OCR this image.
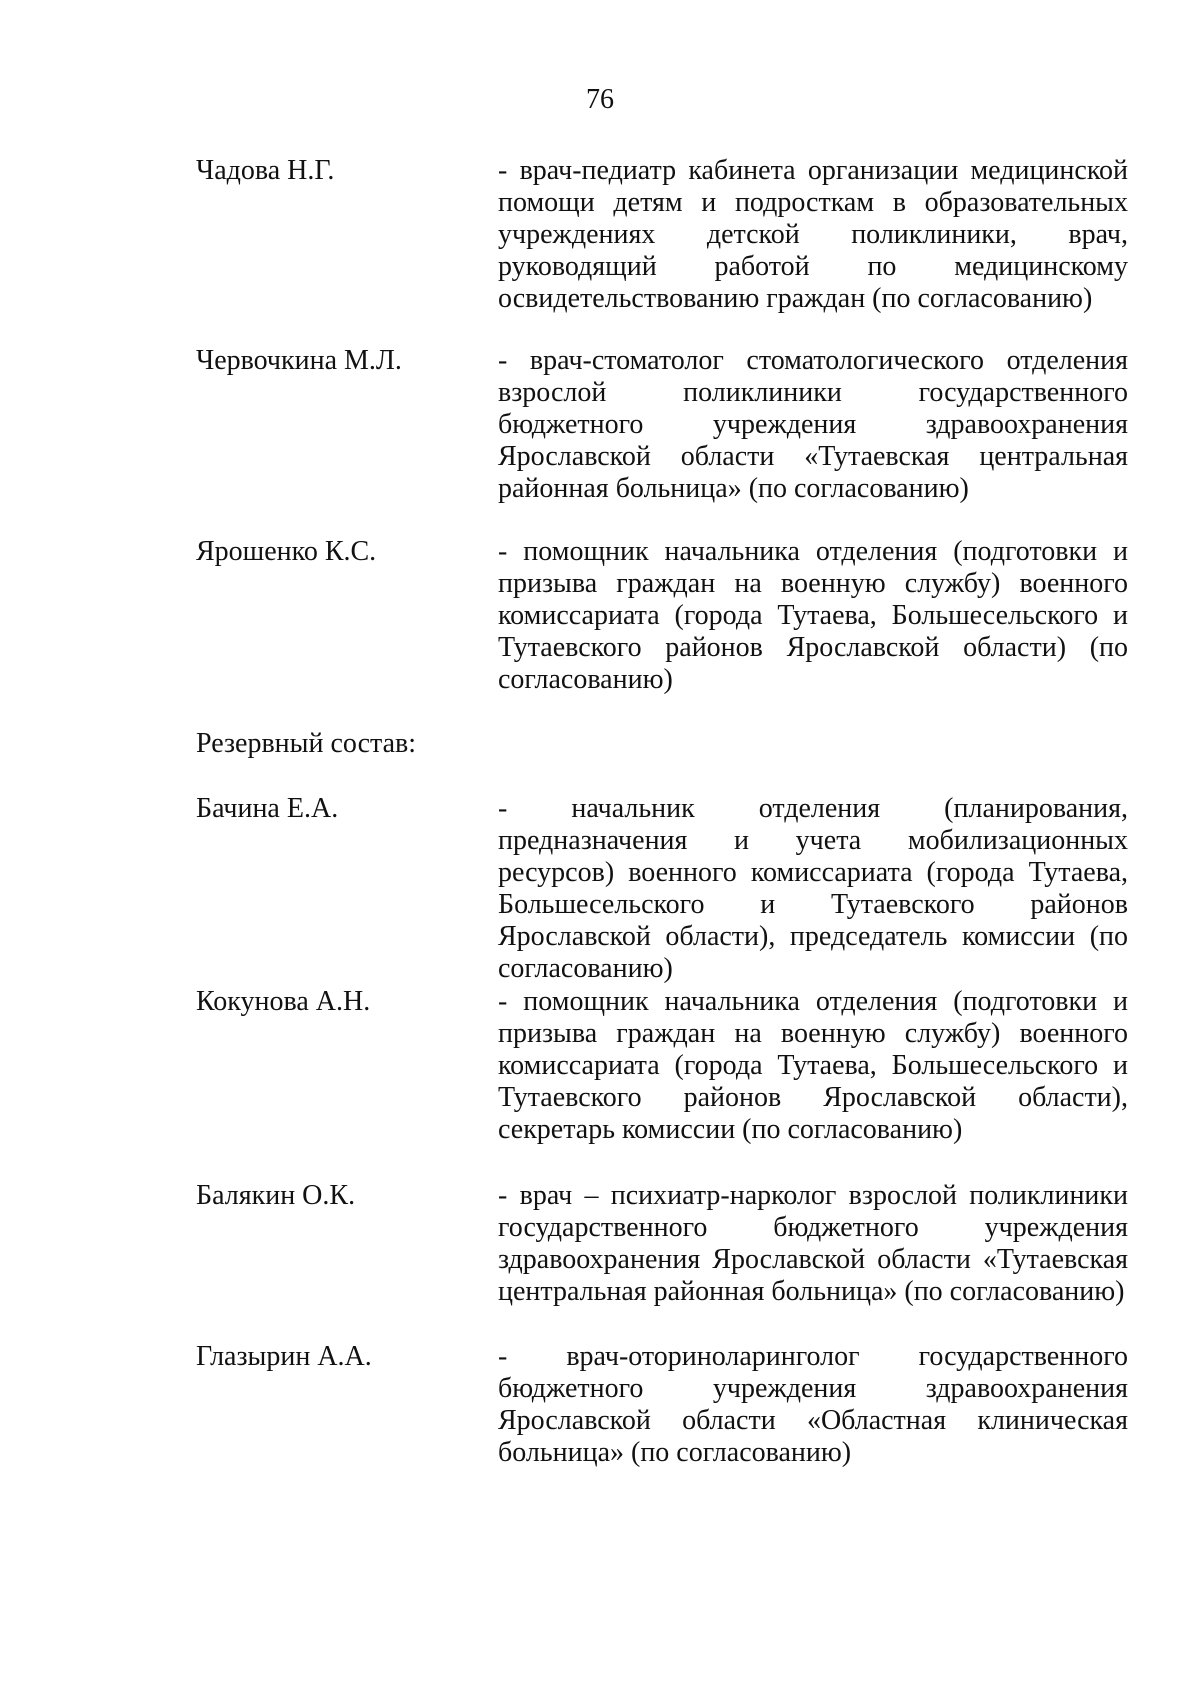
76
Чадова Н.Г.	- врач-педиатр кабинета организации медицинской помощи детям и подросткам в образовательных учреждениях детской поликлиники, врач, руководящий работой по медицинскому освидетельствованию граждан (по согласованию)
Червочкина М.Л.	- врач-стоматолог стоматологического отделения взрослой поликлиники государственного бюджетного учреждения здравоохранения Ярославской области «Тутаевская центральная районная больница» (по согласованию)
Ярошенко К.С.	- помощник начальника отделения (подготовки и призыва граждан на военную службу) военного комиссариата (города Тутаева, Большесельского и Тутаевского районов Ярославской области) (по согласованию)
Резервный состав:
Бачина Е.А.	- начальник отделения (планирования, предназначения и учета мобилизационных ресурсов) военного комиссариата (города Тутаева, Большесельского и Тутаевского районов Ярославской области), председатель комиссии (по согласованию)
Кокунова А.Н.	- помощник начальника отделения (подготовки и призыва граждан на военную службу) военного комиссариата (города Тутаева, Большесельского и Тутаевского районов Ярославской области), секретарь комиссии (по согласованию)
Балякин О.К.	- врач – психиатр-нарколог взрослой поликлиники государственного бюджетного учреждения здравоохранения Ярославской области «Тутаевская центральная районная больница» (по согласованию)
Глазырин А.А.	- врач-оториноларинголог государственного бюджетного учреждения здравоохранения Ярославской области «Областная клиническая больница» (по согласованию)
